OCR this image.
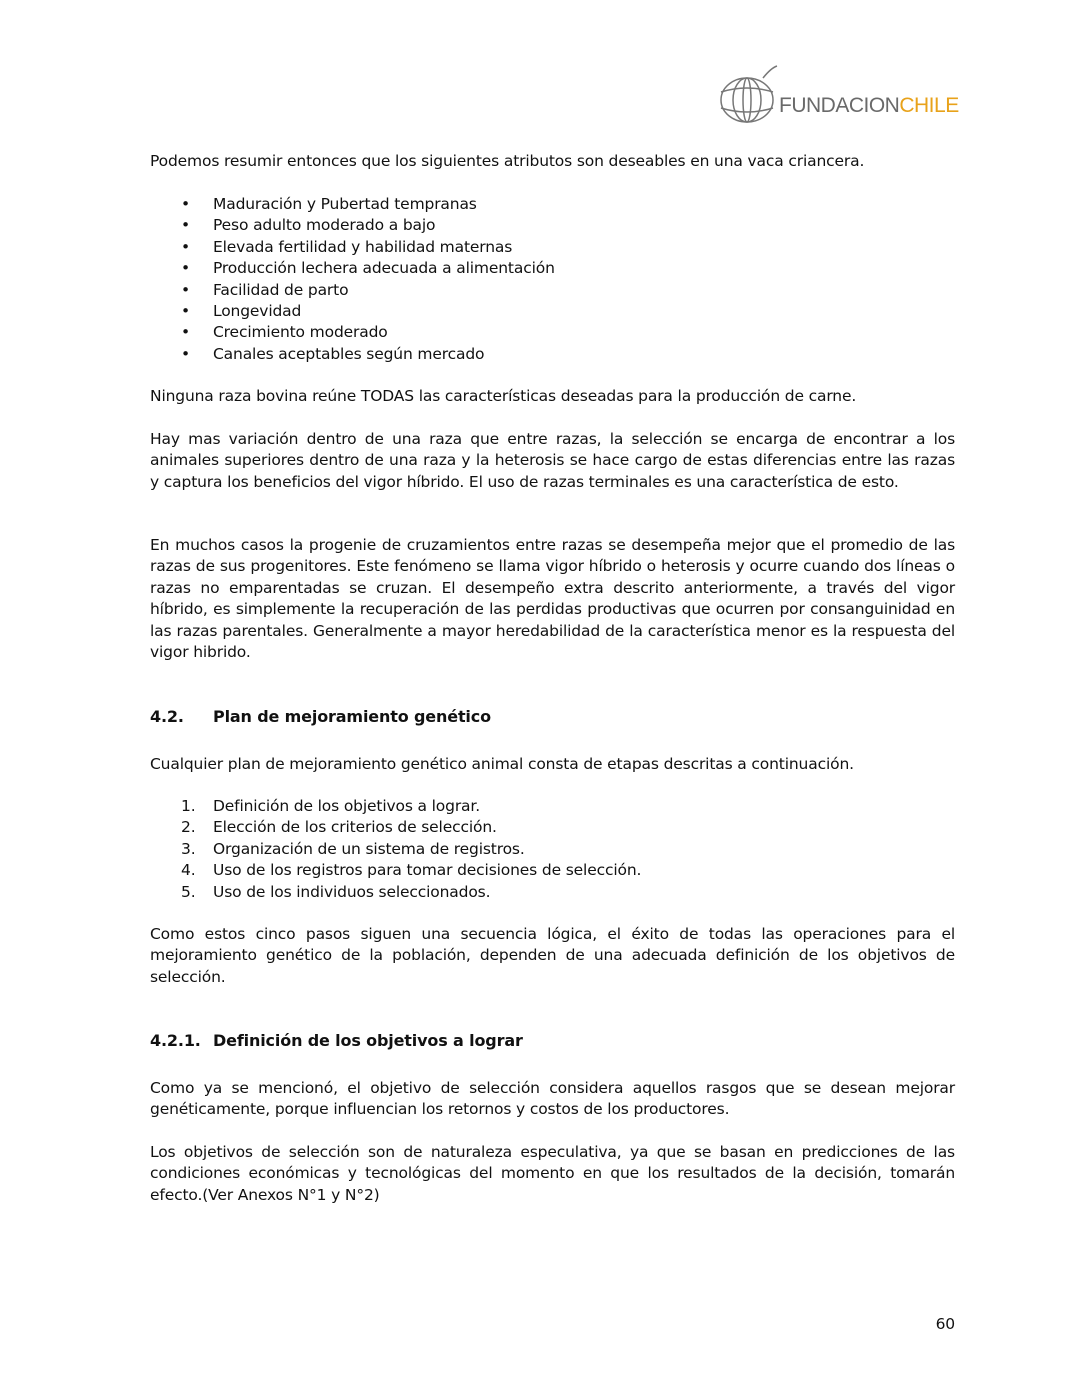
FUNDACIONCHILE
Podemos resumir entonces que los siguientes atributos son deseables en una vaca criancera.
• Maduración y Pubertad tempranas
• Peso adulto moderado a bajo
• Elevada fertilidad y habilidad maternas
• Producción lechera adecuada a alimentación
• Facilidad de parto
• Longevidad
• Crecimiento moderado
• Canales aceptables según mercado
Ninguna raza bovina reúne TODAS las características deseadas para la producción de carne.
Hay mas variación dentro de una raza que entre razas, la selección se encarga de encontrar a los animales superiores dentro de una raza y la heterosis se hace cargo de estas diferencias entre las razas y captura los beneficios del vigor híbrido. El uso de razas terminales es una característica de esto.
En muchos casos la progenie de cruzamientos entre razas se desempeña mejor que el promedio de las razas de sus progenitores. Este fenómeno se llama vigor híbrido o heterosis y ocurre cuando dos líneas o razas no emparentadas se cruzan. El desempeño extra descrito anteriormente, a través del vigor híbrido, es simplemente la recuperación de las perdidas productivas que ocurren por consanguinidad en las razas parentales. Generalmente a mayor heredabilidad de la característica menor es la respuesta del vigor hibrido.
4.2. Plan de mejoramiento genético
Cualquier plan de mejoramiento genético animal consta de etapas descritas a continuación.
1. Definición de los objetivos a lograr.
2. Elección de los criterios de selección.
3. Organización de un sistema de registros.
4. Uso de los registros para tomar decisiones de selección.
5. Uso de los individuos seleccionados.
Como estos cinco pasos siguen una secuencia lógica, el éxito de todas las operaciones para el mejoramiento genético de la población, dependen de una adecuada definición de los objetivos de selección.
4.2.1. Definición de los objetivos a lograr
Como ya se mencionó, el objetivo de selección considera aquellos rasgos que se desean mejorar genéticamente, porque influencian los retornos y costos de los productores.
Los objetivos de selección son de naturaleza especulativa, ya que se basan en predicciones de las condiciones económicas y tecnológicas del momento en que los resultados de la decisión, tomarán efecto.(Ver Anexos N°1 y N°2)
60
